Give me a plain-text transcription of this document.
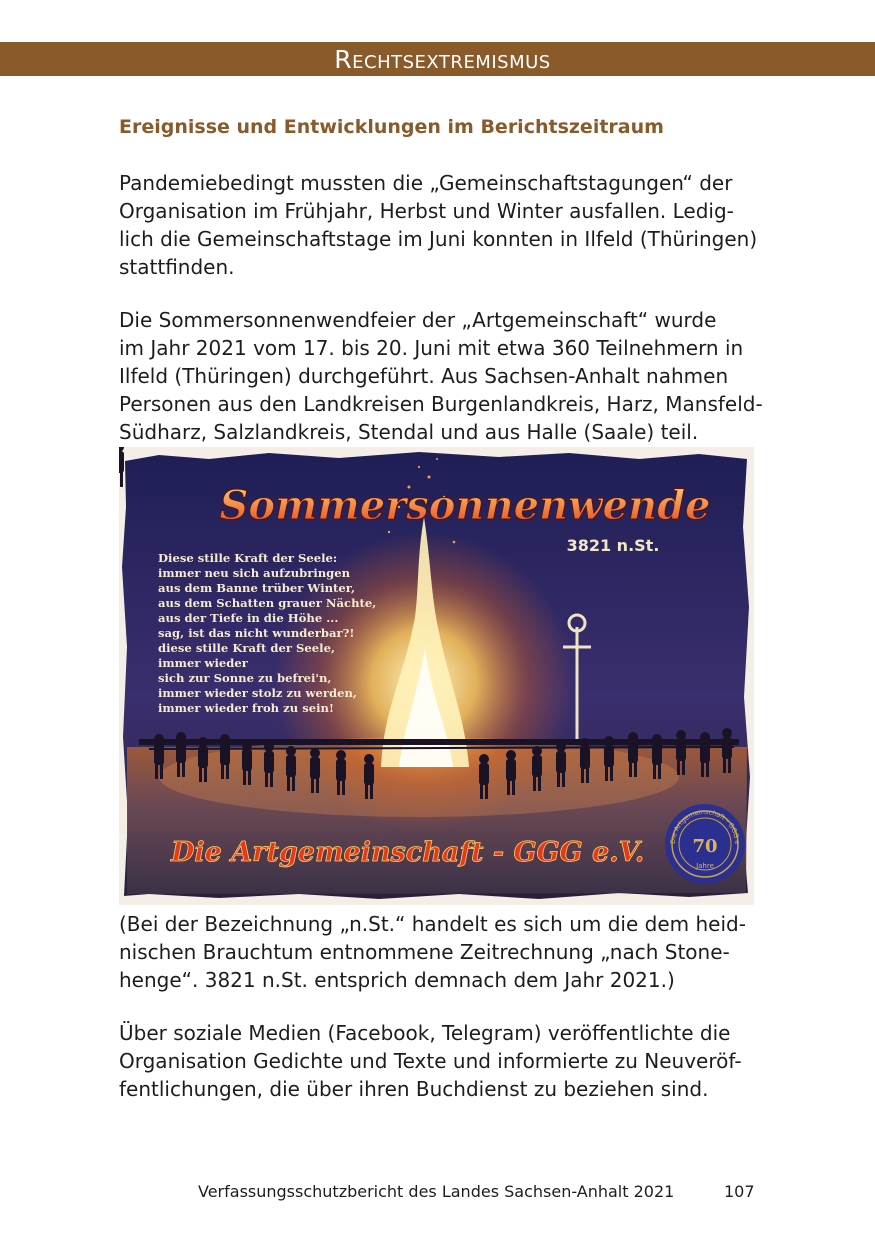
Rechtsextremismus
Ereignisse und Entwicklungen im Berichtszeitraum

Pandemiebedingt mussten die „Gemeinschaftstagungen“ der
Organisation im Frühjahr, Herbst und Winter ausfallen. Ledig-
lich die Gemeinschaftstage im Juni konnten in Ilfeld (Thüringen)
stattfinden.

Die Sommersonnenwendfeier der „Artgemeinschaft“ wurde
im Jahr 2021 vom 17. bis 20. Juni mit etwa 360 Teilnehmern in
Ilfeld (Thüringen) durchgeführt. Aus Sachsen-Anhalt nahmen
Personen aus den Landkreisen Burgenlandkreis, Harz, Mansfeld-
Südharz, Salzlandkreis, Stendal und aus Halle (Saale) teil.

Sommersonnenwende
3821 n.St.
Diese stille Kraft der Seele:
immer neu sich aufzubringen
aus dem Banne trüber Winter,
aus dem Schatten grauer Nächte,
aus der Tiefe in die Höhe ...
sag, ist das nicht wunderbar?!
diese stille Kraft der Seele,
immer wieder
sich zur Sonne zu befrei'n,
immer wieder stolz zu werden,
immer wieder froh zu sein!
Die Artgemeinschaft - GGG e.V.	Die Artgemeinschaft - GGG e
70
Jahre

(Bei der Bezeichnung „n.St.“ handelt es sich um die dem heid-
nischen Brauchtum entnommene Zeitrechnung „nach Stone-
henge“. 3821 n.St. entsprich demnach dem Jahr 2021.)

Über soziale Medien (Facebook, Telegram) veröffentlichte die
Organisation Gedichte und Texte und informierte zu Neuveröf-
fentlichungen, die über ihren Buchdienst zu beziehen sind.

Verfassungsschutzbericht des Landes Sachsen-Anhalt 2021	107
